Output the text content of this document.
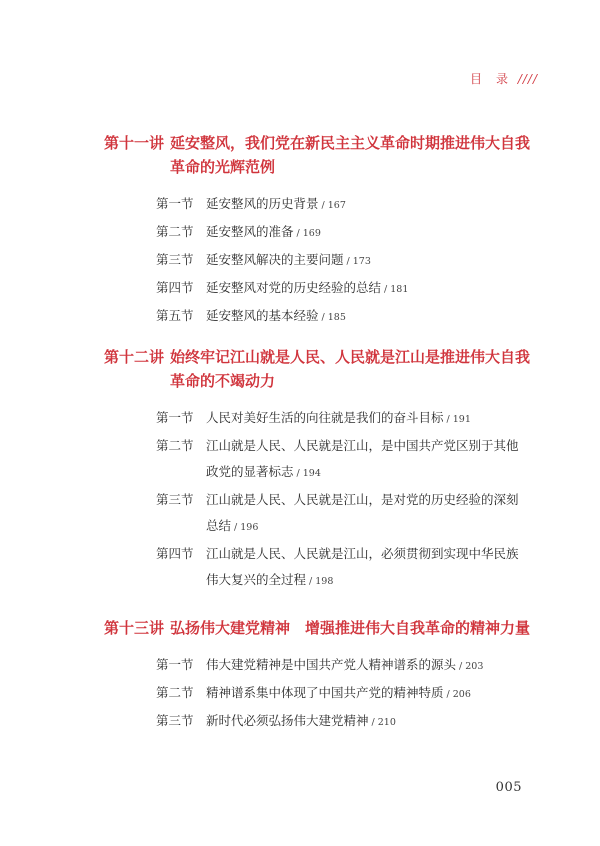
目　录 ////
第十一讲 延安整风，我们党在新民主主义革命时期推进伟大自我
革命的光辉范例
第一节 延安整风的历史背景 / 167
第二节 延安整风的准备 / 169
第三节 延安整风解决的主要问题 / 173
第四节 延安整风对党的历史经验的总结 / 181
第五节 延安整风的基本经验 / 185
第十二讲 始终牢记江山就是人民、人民就是江山是推进伟大自我
革命的不竭动力
第一节 人民对美好生活的向往就是我们的奋斗目标 / 191
第二节 江山就是人民、人民就是江山，是中国共产党区别于其他
政党的显著标志 / 194
第三节 江山就是人民、人民就是江山，是对党的历史经验的深刻
总结 / 196
第四节 江山就是人民、人民就是江山，必须贯彻到实现中华民族
伟大复兴的全过程 / 198
第十三讲 弘扬伟大建党精神　增强推进伟大自我革命的精神力量
第一节 伟大建党精神是中国共产党人精神谱系的源头 / 203
第二节 精神谱系集中体现了中国共产党的精神特质 / 206
第三节 新时代必须弘扬伟大建党精神 / 210
005
